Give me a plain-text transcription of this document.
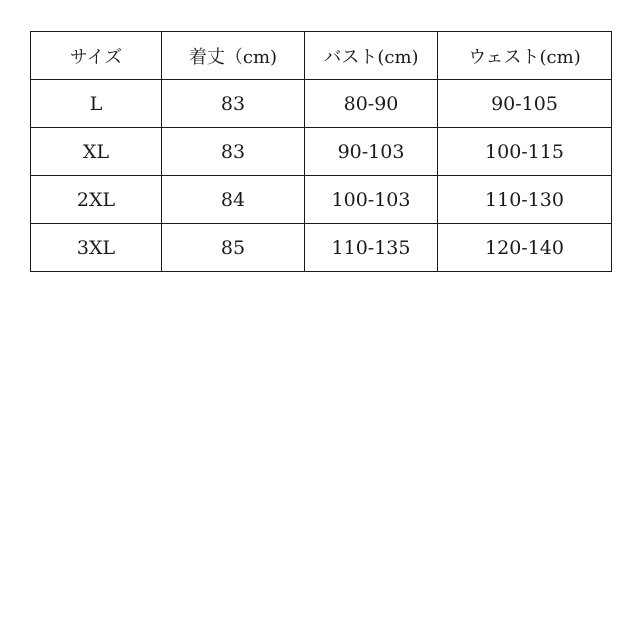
サイズ	着丈（cm)	バスト(cm)	ウェスト(cm)
L	83	80-90	90-105
XL	83	90-103	100-115
2XL	84	100-103	110-130
3XL	85	110-135	120-140
